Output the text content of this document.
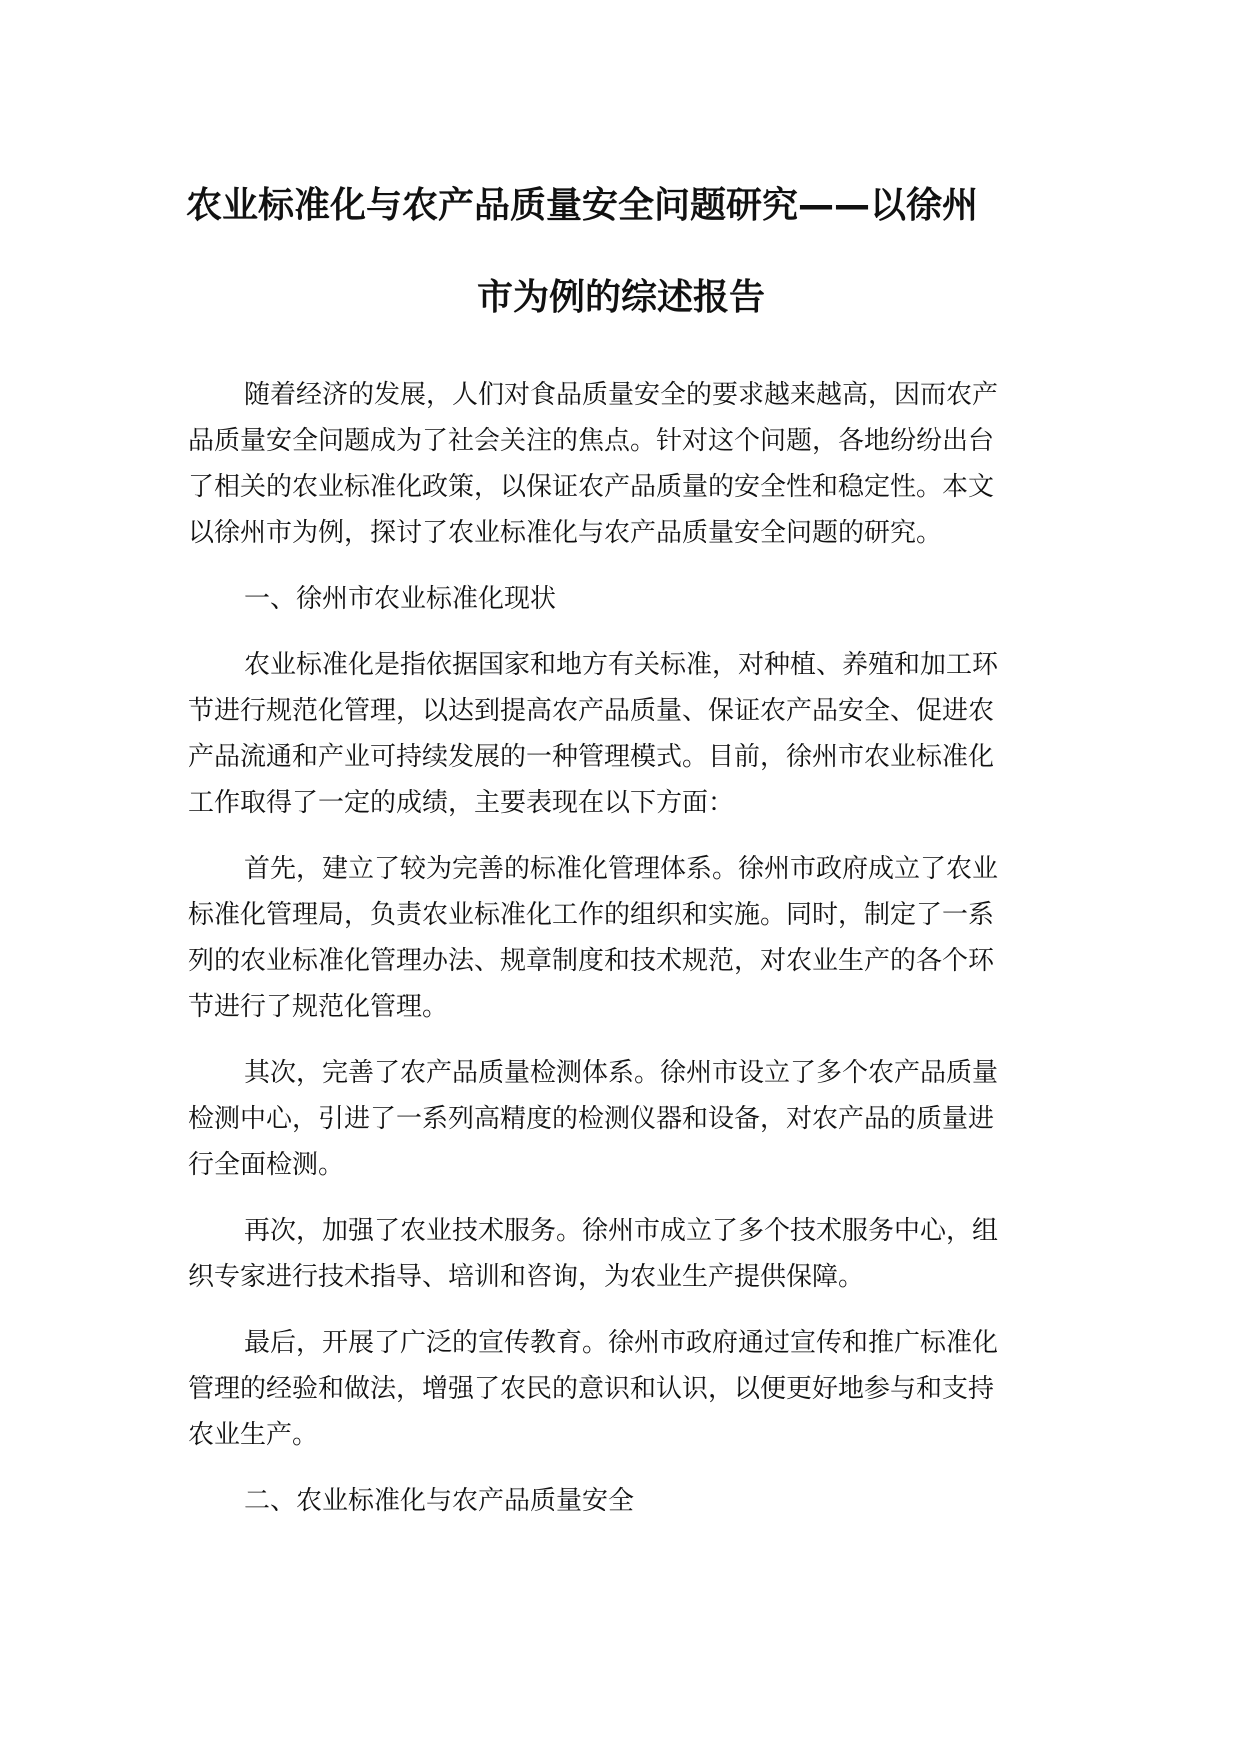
农业标准化与农产品质量安全问题研究——以徐州
市为例的综述报告

随着经济的发展，人们对食品质量安全的要求越来越高，因而农产
品质量安全问题成为了社会关注的焦点。针对这个问题，各地纷纷出台
了相关的农业标准化政策，以保证农产品质量的安全性和稳定性。本文
以徐州市为例，探讨了农业标准化与农产品质量安全问题的研究。

一、徐州市农业标准化现状

农业标准化是指依据国家和地方有关标准，对种植、养殖和加工环
节进行规范化管理，以达到提高农产品质量、保证农产品安全、促进农
产品流通和产业可持续发展的一种管理模式。目前，徐州市农业标准化
工作取得了一定的成绩，主要表现在以下方面：

首先，建立了较为完善的标准化管理体系。徐州市政府成立了农业
标准化管理局，负责农业标准化工作的组织和实施。同时，制定了一系
列的农业标准化管理办法、规章制度和技术规范，对农业生产的各个环
节进行了规范化管理。

其次，完善了农产品质量检测体系。徐州市设立了多个农产品质量
检测中心，引进了一系列高精度的检测仪器和设备，对农产品的质量进
行全面检测。

再次，加强了农业技术服务。徐州市成立了多个技术服务中心，组
织专家进行技术指导、培训和咨询，为农业生产提供保障。

最后，开展了广泛的宣传教育。徐州市政府通过宣传和推广标准化
管理的经验和做法，增强了农民的意识和认识，以便更好地参与和支持
农业生产。

二、农业标准化与农产品质量安全
